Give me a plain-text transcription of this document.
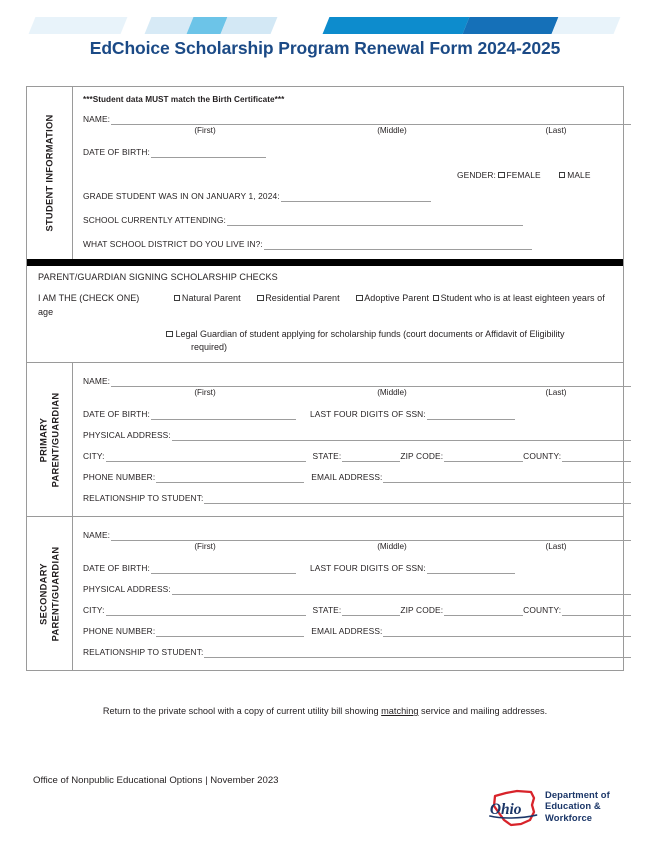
EdChoice Scholarship Program Renewal Form 2024-2025
STUDENT INFORMATION
***Student data MUST match the Birth Certificate***
NAME:
(First)	(Middle)	(Last)
DATE OF BIRTH:
GENDER: FEMALE	MALE
GRADE STUDENT WAS IN ON JANUARY 1, 2024:
SCHOOL CURRENTLY ATTENDING:
WHAT SCHOOL DISTRICT DO YOU LIVE IN?:
PARENT/GUARDIAN SIGNING SCHOLARSHIP CHECKS
I AM THE (CHECK ONE)	Natural Parent	Residential Parent	Adoptive Parent Student who is at least eighteen years of age
Legal Guardian of student applying for scholarship funds (court documents or Affidavit of Eligibility
required)
PRIMARY PARENT/GUARDIAN
NAME:
(First)	(Middle)	(Last)
DATE OF BIRTH:	LAST FOUR DIGITS OF SSN:
PHYSICAL ADDRESS:
CITY:	STATE:	ZIP CODE:	COUNTY:
PHONE NUMBER:	EMAIL ADDRESS:
RELATIONSHIP TO STUDENT:
SECONDARY PARENT/GUARDIAN
NAME:
(First)	(Middle)	(Last)
DATE OF BIRTH:	LAST FOUR DIGITS OF SSN:
PHYSICAL ADDRESS:
CITY:	STATE:	ZIP CODE:	COUNTY:
PHONE NUMBER:	EMAIL ADDRESS:
RELATIONSHIP TO STUDENT:
Return to the private school with a copy of current utility bill showing matching service and mailing addresses.
Office of Nonpublic Educational Options | November 2023
Ohio
Department of
Education &
Workforce
